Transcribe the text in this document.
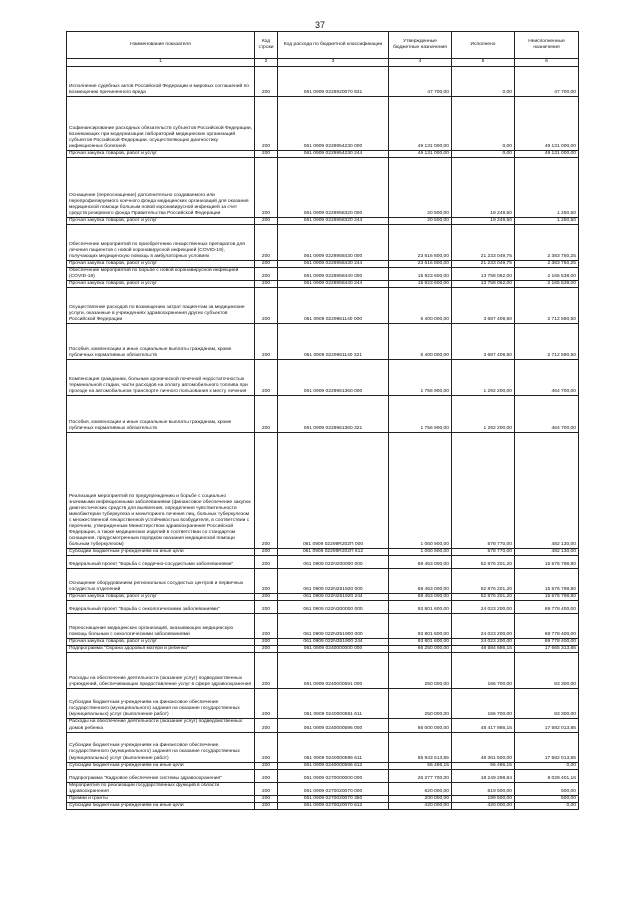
37
Наименование показателя	Код строки	Код расхода по бюджетной классификации	Утвержденные бюджетные назначения	Исполнено	Неисполненные назначения
1	2	3	4	5	6
Исполнение судебных актов Российской Федерации и мировых соглашений по возмещению причиненного вреда	200	061 0909 0229920070 831	47 700,00	0,00	47 700,00
Софинансирование расходных обязательств субъектов Российской Федерации, возникающих при модернизации лабораторий медицинских организаций субъектов Российской Федерации, осуществляющих диагностику инфекционных болезней	200	061 0909 0229954230 000	49 131 000,00	0,00	49 131 000,00
Прочая закупка товаров, работ и услуг	200	061 0909 0229954230 244	49 131 000,00	0,00	49 131 000,00
Оснащение (переоснащение) дополнительно создаваемого или перепрофилируемого коечного фонда медицинских организаций для оказания медицинской помощи больным новой коронавирусной инфекцией за счет средств резервного фонда Правительства Российской Федерации	200	061 0909 0229958320 000	20 500,00	19 249,50	1 250,50
Прочая закупка товаров, работ и услуг	200	061 0909 0229958320 244	20 500,00	19 249,50	1 250,50
Обеспечение мероприятий по приобретению лекарственных препаратов для лечения пациентов с новой коронавирусной инфекцией (COVID-19), получающих медицинскую помощь в амбулаторных условиях	200	061 0909 0229958430 000	23 616 800,00	21 233 049,75	2 383 750,25
Прочая закупка товаров, работ и услуг	200	061 0909 0229958430 244	23 616 800,00	21 233 049,75	2 383 750,25
Обеспечение мероприятий по борьбе с новой коронавирусной инфекцией (COVID-19)	200	061 0909 0229958440 000	15 923 600,00	13 758 062,00	2 165 538,00
Прочая закупка товаров, работ и услуг	200	061 0909 0229958440 244	15 923 600,00	13 758 062,00	2 165 538,00
Осуществление расходов по возмещению затрат пациентам за медицинские услуги, оказанные в учреждениях здравоохранения других субъектов Российской Федерации	200	061 0909 0229961140 000	6 400 000,00	3 687 409,50	2 712 590,50
Пособия, компенсации и иные социальные выплаты гражданам, кроме публичных нормативных обязательств	200	061 0909 0229961140 321	6 400 000,00	3 687 409,50	2 712 590,50
Компенсация гражданам, больным хронической почечной недостаточностью терминальной стадии, части расходов на оплату автомобильного топлива при проезде на автомобильном транспорте личного пользования к месту лечения	200	061 0909 0229961360 000	1 756 900,00	1 292 200,00	464 700,00
Пособия, компенсации и иные социальные выплаты гражданам, кроме публичных нормативных обязательств	200	061 0909 0229961360 321	1 756 900,00	1 292 200,00	464 700,00
Реализация мероприятий по предупреждению и борьбе с социально значимыми инфекционными заболеваниями (финансовое обеспечение закупок диагностических средств для выявления, определения чувствительности микобактерии туберкулеза и мониторинга лечения лиц, больных туберкулезом с множественной лекарственной устойчивостью возбудителя, в соответствии с перечнем, утвержденным Министерством здравоохранения Российской Федерации, а также медицинских изделий в соответствии со стандартом оснащения, предусмотренным порядком оказания медицинской помощи больным туберкулезом)	200	061 0909 02299R202П 000	1 060 900,00	578 770,00	482 130,00
Субсидии бюджетным учреждениям на иные цели	200	061 0909 02299R202П 612	1 060 900,00	578 770,00	482 130,00
Федеральный проект "Борьба с сердечно-сосудистыми заболеваниями"	200	061 0909 022N200000 000	68 453 000,00	52 876 201,20	15 576 798,80
Оснащение оборудованием региональных сосудистых центров и первичных сосудистых отделений	200	061 0909 022N251920 000	68 453 000,00	52 876 201,20	15 576 798,80
Прочая закупка товаров, работ и услуг	200	061 0909 022N251920 244	68 453 000,00	52 876 201,20	15 576 798,80
Федеральный проект "Борьба с онкологическими заболеваниями"	200	061 0909 022N300000 000	93 801 600,00	24 023 200,00	69 778 400,00
Переоснащение медицинских организаций, оказывающих медицинскую помощь больным с онкологическими заболеваниями	200	061 0909 022N351900 000	93 801 600,00	24 023 200,00	69 778 400,00
Прочая закупка товаров, работ и услуг	200	061 0909 022N351900 244	93 801 600,00	24 023 200,00	69 778 400,00
Подпрограмма "Охрана здоровья матери и ребенка"	200	061 0909 0240000000 000	66 250 000,00	48 584 686,15	17 665 313,85
Расходы на обеспечение деятельности (оказание услуг) подведомственных учреждений, обеспечивающих предоставление услуг в сфере здравоохранения	200	061 0909 0240000591 000	250 000,00	166 700,00	83 300,00
Субсидии бюджетным учреждениям на финансовое обеспечение государственного (муниципального) задания на оказание государственных (муниципальных) услуг (выполнение работ)	200	061 0909 0240000591 611	250 000,00	166 700,00	83 300,00
Расходы на обеспечение деятельности (оказание услуг) подведомственных домов ребенка	200	061 0909 0240000596 000	66 000 000,00	48 417 986,15	17 582 013,85
Субсидии бюджетным учреждениям на финансовое обеспечение государственного (муниципального) задания на оказание государственных (муниципальных) услуг (выполнение работ)	200	061 0909 0240000596 611	65 943 513,85	48 361 500,00	17 582 013,85
Субсидии бюджетным учреждениям на иные цели	200	061 0909 0240000596 612	56 486,15	56 486,15	0,00
Подпрограмма "Кадровое обеспечение системы здравоохранения"	200	061 0909 0270000000 000	26 277 700,00	18 249 298,84	8 028 401,16
Мероприятия по реализации государственных функций в области здравоохранения	200	061 0909 0270020070 000	620 000,00	619 500,00	500,00
Премии и гранты	200	061 0909 0270020070 350	200 000,00	199 500,00	500,00
Субсидии бюджетным учреждениям на иные цели	200	061 0909 0270020070 612	420 000,00	420 000,00	0,00
